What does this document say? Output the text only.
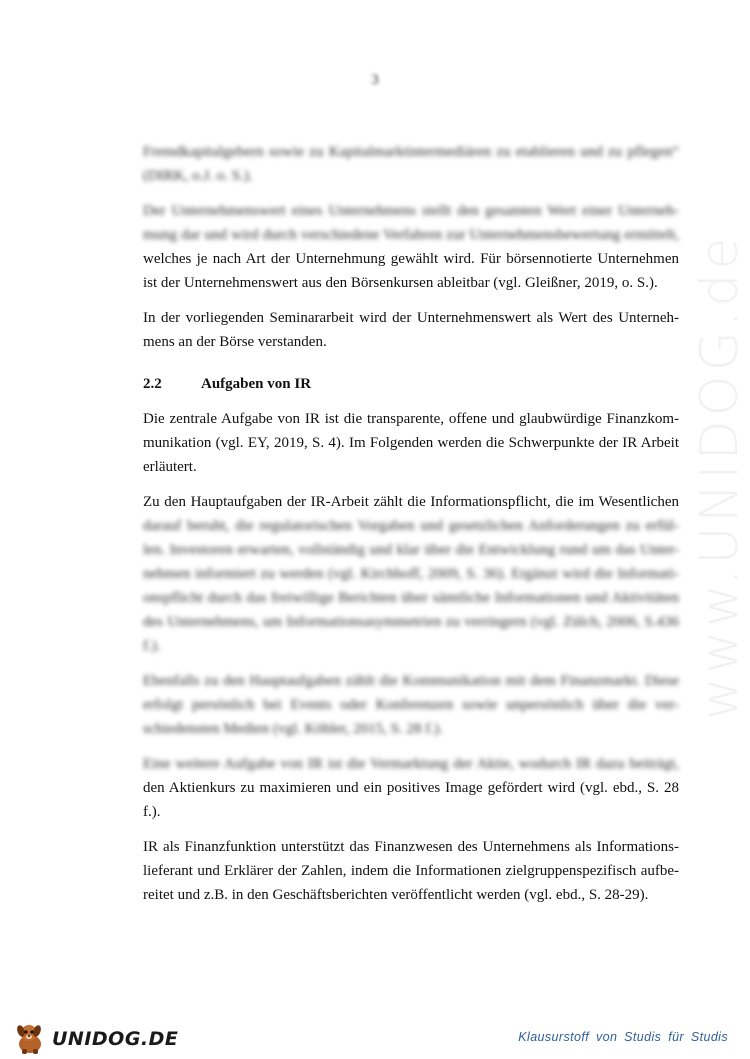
3
www.UNIDOG.de

Fremdkapitalgebern sowie zu Kapitalmarktintermediären zu etablieren und zu pflegen“
(DIRK, o.J. o. S.).

Der Unternehmenswert eines Unternehmens stellt den gesamten Wert einer Unterneh-
mung dar und wird durch verschiedene Verfahren zur Unternehmensbewertung ermittelt,
welches je nach Art der Unternehmung gewählt wird. Für börsennotierte Unternehmen
ist der Unternehmenswert aus den Börsenkursen ableitbar (vgl. Gleißner, 2019, o. S.).

In der vorliegenden Seminararbeit wird der Unternehmenswert als Wert des Unterneh-
mens an der Börse verstanden.

2.2	Aufgaben von IR

Die zentrale Aufgabe von IR ist die transparente, offene und glaubwürdige Finanzkom-
munikation (vgl. EY, 2019, S. 4). Im Folgenden werden die Schwerpunkte der IR Arbeit
erläutert.

Zu den Hauptaufgaben der IR-Arbeit zählt die Informationspflicht, die im Wesentlichen
darauf beruht, die regulatorischen Vorgaben und gesetzlichen Anforderungen zu erfül-
len. Investoren erwarten, vollständig und klar über die Entwicklung rund um das Unter-
nehmen informiert zu werden (vgl. Kirchhoff, 2009, S. 36). Ergänzt wird die Informati-
onspflicht durch das freiwillige Berichten über sämtliche Informationen und Aktivitäten
des Unternehmens, um Informationsasymmetrien zu verringern (vgl. Zülch, 2006, S.436
f.).

Ebenfalls zu den Hauptaufgaben zählt die Kommunikation mit dem Finanzmarkt. Diese
erfolgt persönlich bei Events oder Konferenzen sowie unpersönlich über die ver-
schiedensten Medien (vgl. Köhler, 2015, S. 28 f.).

Eine weitere Aufgabe von IR ist die Vermarktung der Aktie, wodurch IR dazu beiträgt,
den Aktienkurs zu maximieren und ein positives Image gefördert wird (vgl. ebd., S. 28
f.).

IR als Finanzfunktion unterstützt das Finanzwesen des Unternehmens als Informations-
lieferant und Erklärer der Zahlen, indem die Informationen zielgruppenspezifisch aufbe-
reitet und z.B. in den Geschäftsberichten veröffentlicht werden (vgl. ebd., S. 28-29).

UNIDOG.DE	Klausurstoff von Studis für Studis
